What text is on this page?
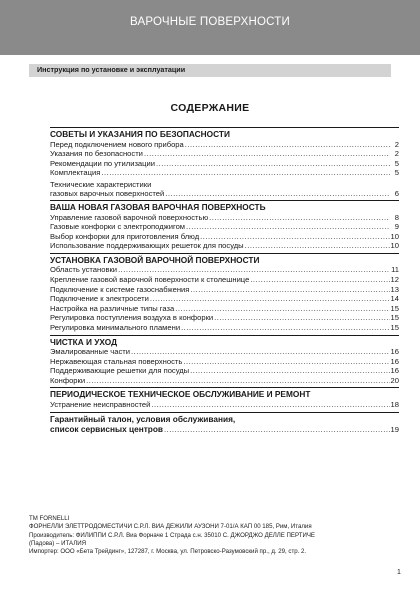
ВАРОЧНЫЕ ПОВЕРХНОСТИ
Инструкция по установке и эксплуатации
СОДЕРЖАНИЕ
СОВЕТЫ И УКАЗАНИЯ ПО БЕЗОПАСНОСТИ
Перед подключением нового прибора .....	2
Указания по безопасности .....	2
Рекомендации по утилизации .....	5
Комплектация .....	5
Технические характеристики
газовых варочных поверхностей .....	6
ВАША НОВАЯ ГАЗОВАЯ ВАРОЧНАЯ ПОВЕРХНОСТЬ
Управление газовой варочной поверхностью .....	8
Газовые конфорки с электроподжигом .....	9
Выбор конфорки для приготовления блюд .....	10
Использование поддерживающих решеток для посуды .....	10
УСТАНОВКА ГАЗОВОЙ ВАРОЧНОЙ ПОВЕРХНОСТИ
Область установки .....	11
Крепление газовой варочной поверхности к столешнице .....	12
Подключение к системе газоснабжения .....	13
Подключение к электросети .....	14
Настройка на различные типы газа .....	15
Регулировка поступления воздуха в конфорки .....	15
Регулировка минимального пламени .....	15
ЧИСТКА И УХОД
Эмалированные части .....	16
Нержавеющая стальная поверхность .....	16
Поддерживающие решетки для посуды .....	16
Конфорки .....	20
ПЕРИОДИЧЕСКОЕ ТЕХНИЧЕСКОЕ ОБСЛУЖИВАНИЕ И РЕМОНТ
Устранение неисправностей .....	18
Гарантийный талон, условия обслуживания,
список сервисных центров .....	19
TM FORNELLI
ФОРНЕЛЛИ ЭЛЕТТРОДОМЕСТИЧИ С.Р.Л. ВИА ДЕЖИЛИ АУЗОНИ 7-01/А КАП 00 185, Рим, Италия
Производитель: ФИЛИППИ С.Р.Л. Виа Форначе 1 Страда с.н. 35010 С. ДЖОРДЖО ДЕЛЛЕ ПЕРТИЧЕ
(Падова) – ИТАЛИЯ
Импортер: ООО «Бета Трейдинг», 127287, г. Москва, ул. Петровско-Разумовский пр., д. 29, стр. 2.
1
